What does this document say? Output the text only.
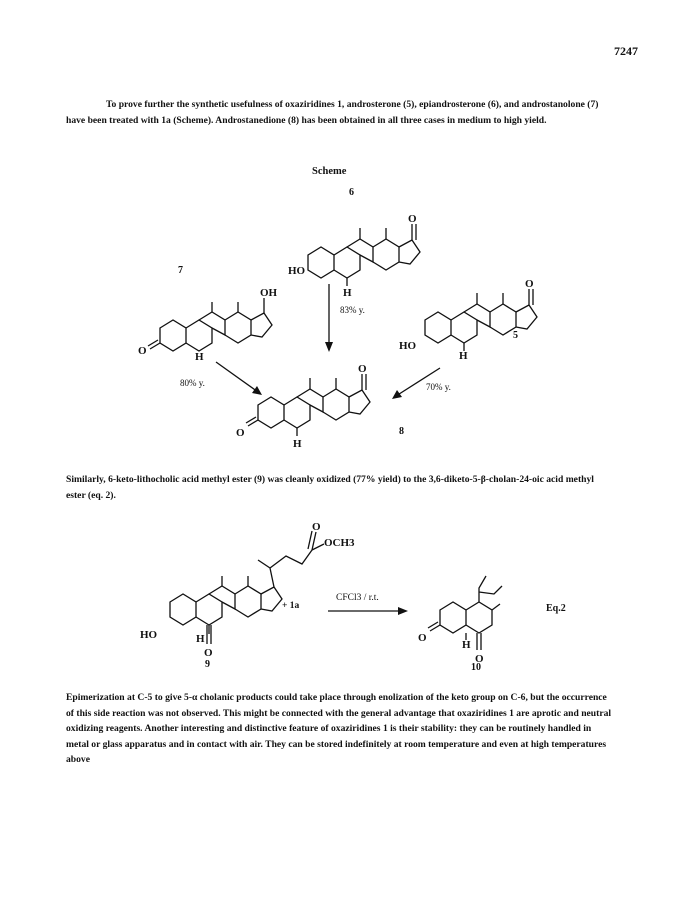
7247
To prove further the synthetic usefulness of oxaziridines 1, androsterone (5), epiandrosterone (6), and androstanolone (7) have been treated with 1a (Scheme). Androstanedione (8) has been obtained in all three cases in medium to high yield.
Scheme
O
HO
H
6
OH
O	H
7
O
HO
H
5
O
O
H
8
83% y.
80% y.	70% y.
Similarly, 6-keto-lithocholic acid methyl ester (9) was cleanly oxidized (77% yield) to the 3,6-diketo-5-β-cholan-24-oic acid methyl ester (eq. 2).
O
OCH3
HO	H
O
9
+ 1a
CFCl3 / r.t.
O
H
O
10
Eq.2
Epimerization at C-5 to give 5-α cholanic products could take place through enolization of the keto group on C-6, but the occurrence of this side reaction was not observed. This might be connected with the general advantage that oxaziridines 1 are aprotic and neutral oxidizing reagents. Another interesting and distinctive feature of oxaziridines 1 is their stability: they can be routinely handled in metal or glass apparatus and in contact with air. They can be stored indefinitely at room temperature and even at high temperatures above
